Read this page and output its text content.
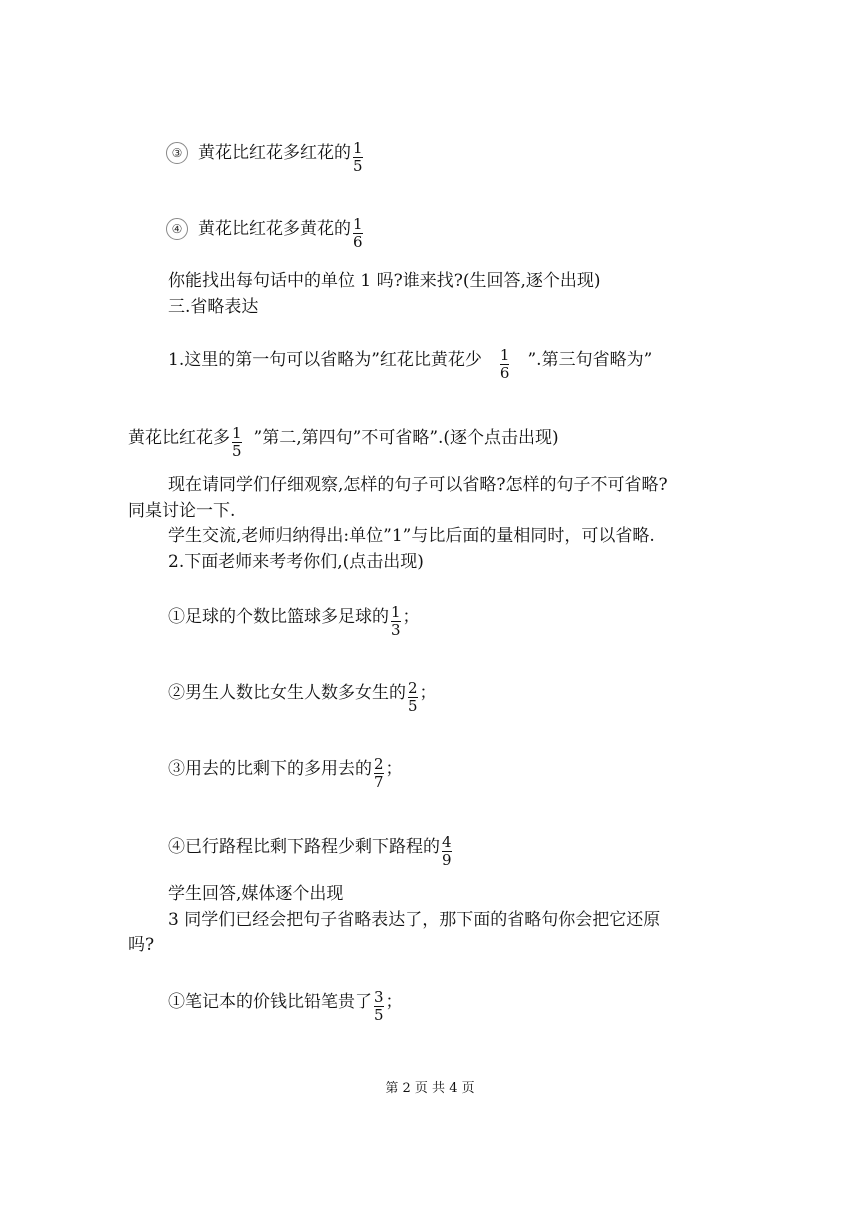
③ 黄花比红花多红花的 $\frac{1}{5}$
④ 黄花比红花多黄花的 $\frac{1}{6}$
你能找出每句话中的单位 1 吗?谁来找?(生回答,逐个出现)
三.省略表达
1.这里的第一句可以省略为”红花比黄花少 $\frac{1}{6}$ ”.第三句省略为”
黄花比红花多 $\frac{1}{5}$ ”第二,第四句”不可省略”.(逐个点击出现)
现在请同学们仔细观察,怎样的句子可以省略?怎样的句子不可省略?
同桌讨论一下.
学生交流,老师归纳得出:单位”1”与比后面的量相同时，可以省略.
2.下面老师来考考你们,(点击出现)
①足球的个数比篮球多足球的 $\frac{1}{3}$ ；
②男生人数比女生人数多女生的 $\frac{2}{5}$ ；
③用去的比剩下的多用去的 $\frac{2}{7}$ ；
④已行路程比剩下路程少剩下路程的 $\frac{4}{9}$
学生回答,媒体逐个出现
3 同学们已经会把句子省略表达了，那下面的省略句你会把它还原
吗?
①笔记本的价钱比铅笔贵了 $\frac{3}{5}$ ；
第 2 页 共 4 页
